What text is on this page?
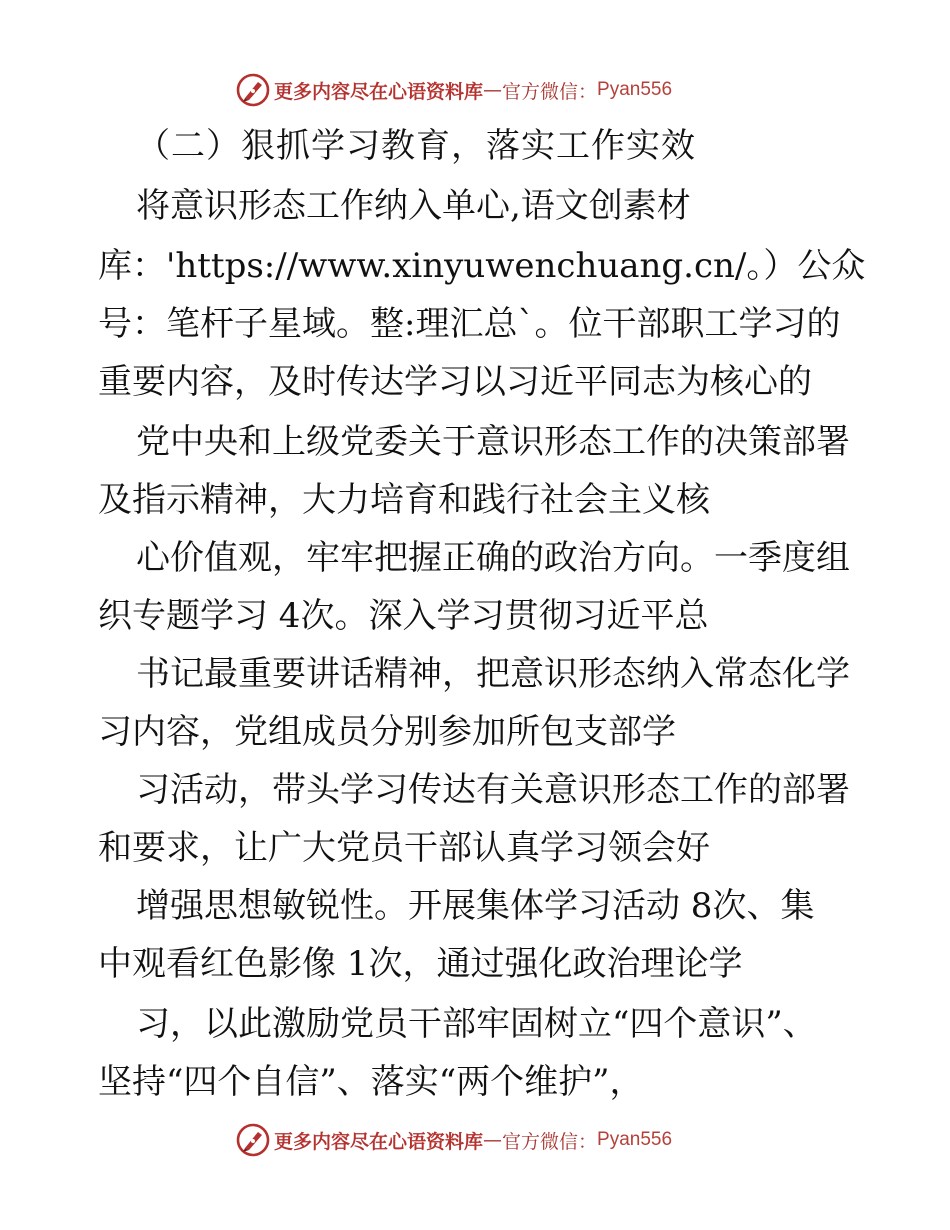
更多内容尽在心语资料库 — 官方微信： Pyan556
（二）狠抓学习教育，落实工作实效
将意识形态工作纳入单心,语文创素材
库：'https://www.xinyuwenchuang.cn/。）公众
号：笔杆子星域。整:理汇总`。位干部职工学习的
重要内容，及时传达学习以习近平同志为核心的
党中央和上级党委关于意识形态工作的决策部署
及指示精神，大力培育和践行社会主义核
心价值观，牢牢把握正确的政治方向。一季度组
织专题学习 4次。深入学习贯彻习近平总
书记最重要讲话精神，把意识形态纳入常态化学
习内容，党组成员分别参加所包支部学
习活动，带头学习传达有关意识形态工作的部署
和要求，让广大党员干部认真学习领会好
增强思想敏锐性。开展集体学习活动 8次、集
中观看红色影像 1次，通过强化政治理论学
习，以此激励党员干部牢固树立“四个意识”、
坚持“四个自信”、落实“两个维护”，
更多内容尽在心语资料库 — 官方微信： Pyan556
